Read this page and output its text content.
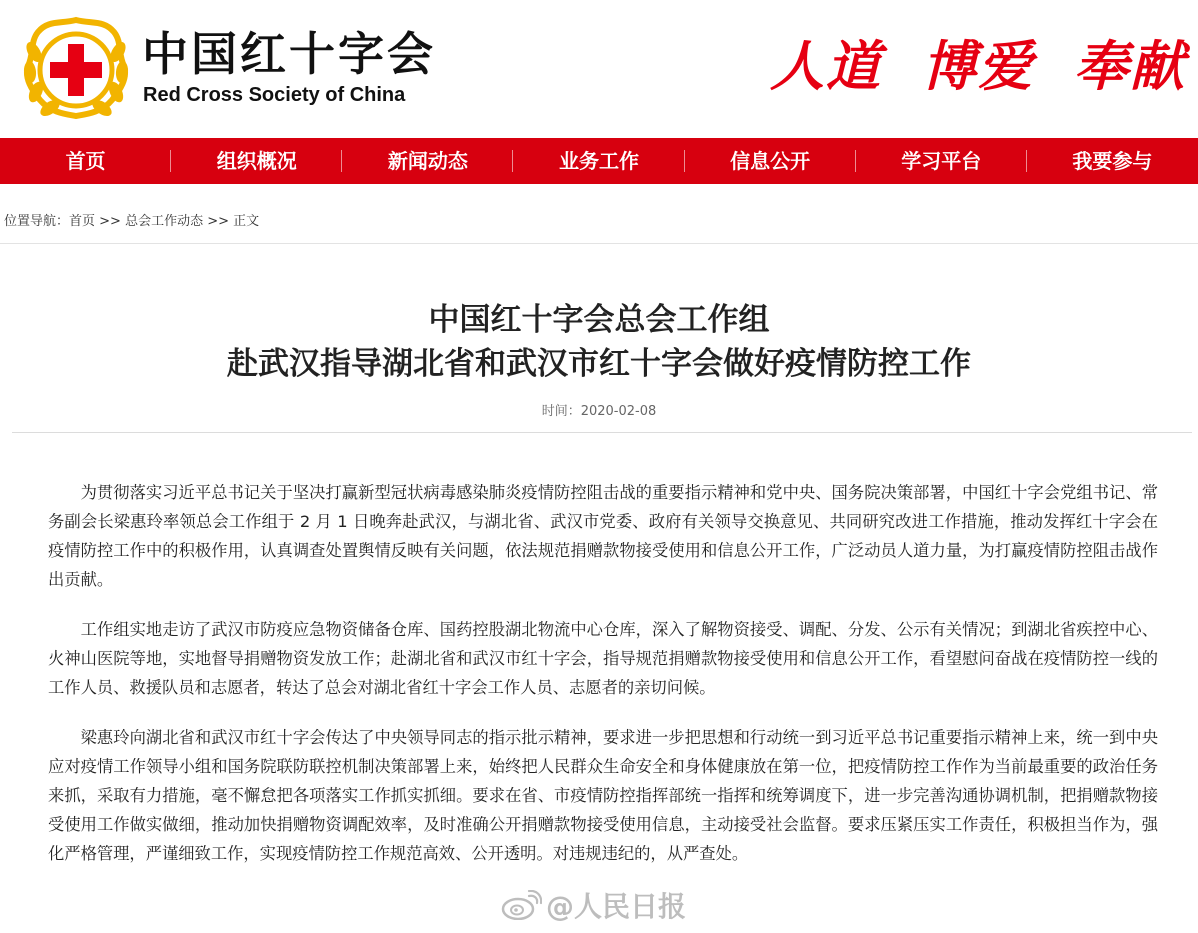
中国红十字会
Red Cross Society of China	人道 博爱 奉献
首页	组织概况	新闻动态	业务工作	信息公开	学习平台	我要参与
位置导航：首页 >> 总会工作动态 >> 正文
中国红十字会总会工作组
赴武汉指导湖北省和武汉市红十字会做好疫情防控工作
时间：2020-02-08

为贯彻落实习近平总书记关于坚决打赢新型冠状病毒感染肺炎疫情防控阻击战的重要指示精神和党中央、国务院决策部署，中国红十字会党组书记、常务副会长梁惠玲率领总会工作组于 2 月 1 日晚奔赴武汉，与湖北省、武汉市党委、政府有关领导交换意见、共同研究改进工作措施，推动发挥红十字会在疫情防控工作中的积极作用，认真调查处置舆情反映有关问题，依法规范捐赠款物接受使用和信息公开工作，广泛动员人道力量，为打赢疫情防控阻击战作出贡献。

工作组实地走访了武汉市防疫应急物资储备仓库、国药控股湖北物流中心仓库，深入了解物资接受、调配、分发、公示有关情况；到湖北省疾控中心、火神山医院等地，实地督导捐赠物资发放工作；赴湖北省和武汉市红十字会，指导规范捐赠款物接受使用和信息公开工作，看望慰问奋战在疫情防控一线的工作人员、救援队员和志愿者，转达了总会对湖北省红十字会工作人员、志愿者的亲切问候。

梁惠玲向湖北省和武汉市红十字会传达了中央领导同志的指示批示精神，要求进一步把思想和行动统一到习近平总书记重要指示精神上来，统一到中央应对疫情工作领导小组和国务院联防联控机制决策部署上来，始终把人民群众生命安全和身体健康放在第一位，把疫情防控工作作为当前最重要的政治任务来抓，采取有力措施，毫不懈怠把各项落实工作抓实抓细。要求在省、市疫情防控指挥部统一指挥和统筹调度下，进一步完善沟通协调机制，把捐赠款物接受使用工作做实做细，推动加快捐赠物资调配效率，及时准确公开捐赠款物接受使用信息，主动接受社会监督。要求压紧压实工作责任，积极担当作为，强化严格管理，严谨细致工作，实现疫情防控工作规范高效、公开透明。对违规违纪的，从严查处。

@人民日报
